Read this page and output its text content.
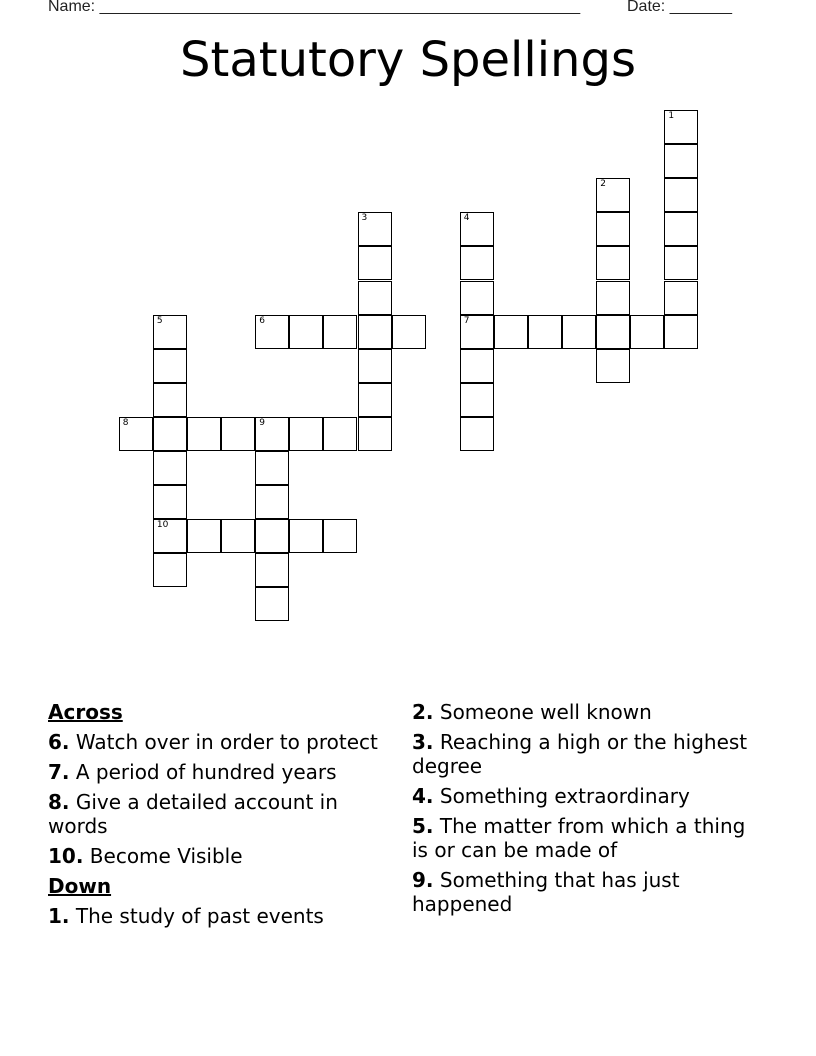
Name: ______________________________________________________	Date: _______
Statutory Spellings
1
2
3	4
7
5
10
6
8	9
Across
6. Watch over in order to protect
7. A period of hundred years
8. Give a detailed account in words
10. Become Visible
Down
1. The study of past events
2. Someone well known
3. Reaching a high or the highest degree
4. Something extraordinary
5. The matter from which a thing is or can be made of
9. Something that has just happened
